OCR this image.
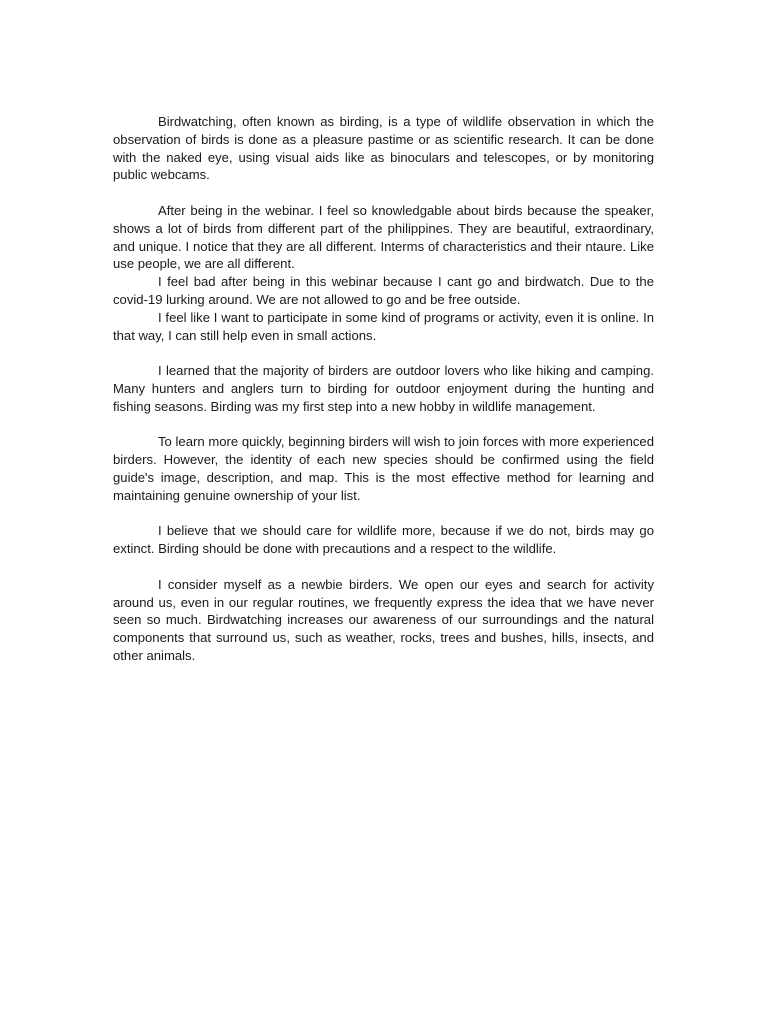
Birdwatching, often known as birding, is a type of wildlife observation in which the observation of birds is done as a pleasure pastime or as scientific research. It can be done with the naked eye, using visual aids like as binoculars and telescopes, or by monitoring public webcams.

After being in the webinar. I feel so knowledgable about birds because the speaker, shows a lot of birds from different part of the philippines. They are beautiful, extraordinary, and unique. I notice that they are all different. Interms of characteristics and their ntaure. Like use people, we are all different.

I feel bad after being in this webinar because I cant go and birdwatch. Due to the covid-19 lurking around. We are not allowed to go and be free outside.

I feel like I want to participate in some kind of programs or activity, even it is online. In that way, I can still help even in small actions.

I learned that the majority of birders are outdoor lovers who like hiking and camping. Many hunters and anglers turn to birding for outdoor enjoyment during the hunting and fishing seasons. Birding was my first step into a new hobby in wildlife management.

To learn more quickly, beginning birders will wish to join forces with more experienced birders. However, the identity of each new species should be confirmed using the field guide's image, description, and map. This is the most effective method for learning and maintaining genuine ownership of your list.

I believe that we should care for wildlife more, because if we do not, birds may go extinct. Birding should be done with precautions and a respect to the wildlife.

I consider myself as a newbie birders. We open our eyes and search for activity around us, even in our regular routines, we frequently express the idea that we have never seen so much. Birdwatching increases our awareness of our surroundings and the natural components that surround us, such as weather, rocks, trees and bushes, hills, insects, and other animals.
